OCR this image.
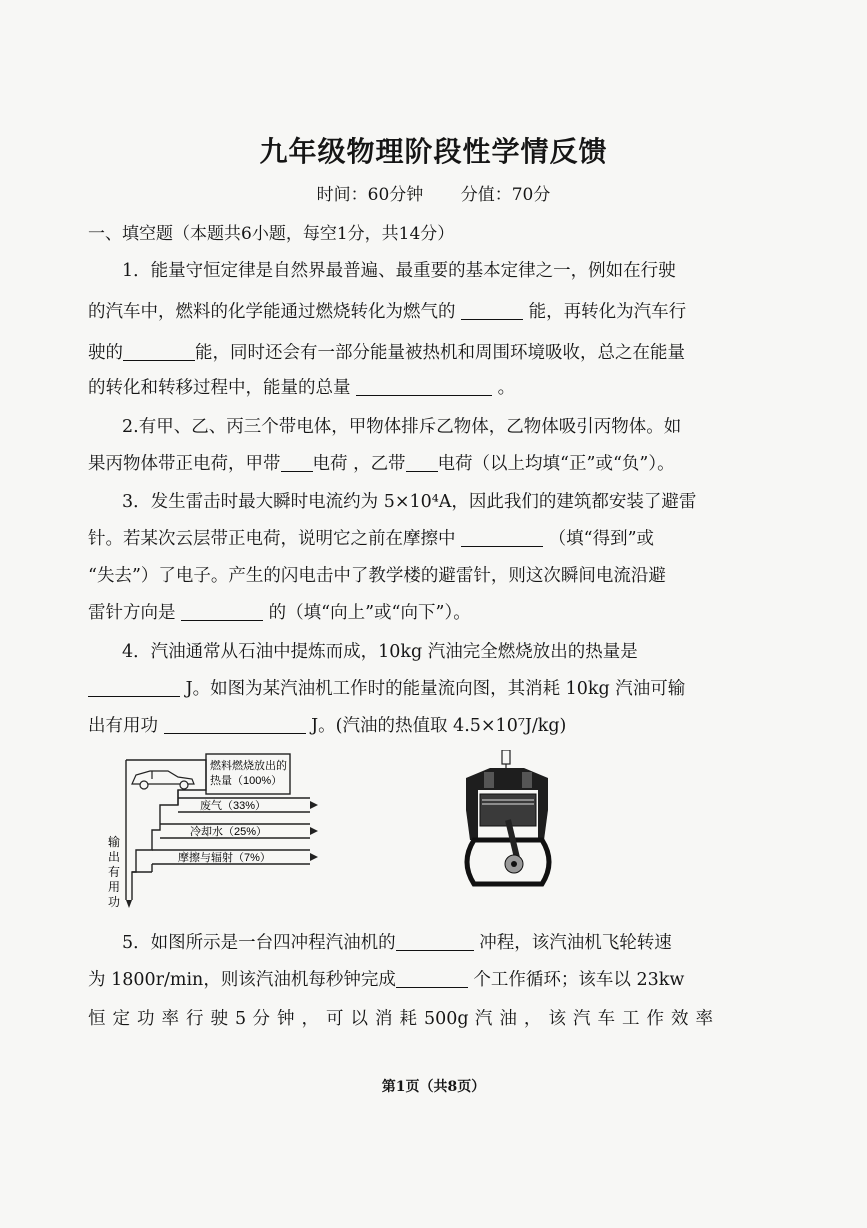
九年级物理阶段性学情反馈
时间：60分钟 分值：70分
一、填空题（本题共6小题，每空1分，共14分）
1．能量守恒定律是自然界最普遍、最重要的基本定律之一，例如在行驶
的汽车中，燃料的化学能通过燃烧转化为燃气的	能，再转化为汽车行
驶的	能，同时还会有一部分能量被热机和周围环境吸收，总之在能量
的转化和转移过程中，能量的总量	。
2.有甲、乙、丙三个带电体，甲物体排斥乙物体，乙物体吸引丙物体。如
果丙物体带正电荷，甲带 电荷 ，乙带 电荷（以上均填“正”或“负”）。
3．发生雷击时最大瞬时电流约为 5×10⁴A，因此我们的建筑都安装了避雷
针。若某次云层带正电荷，说明它之前在摩擦中	（填“得到”或
“失去”）了电子。产生的闪电击中了教学楼的避雷针，则这次瞬间电流沿避
雷针方向是	的（填“向上”或“向下”）。
4．汽油通常从石油中提炼而成，10kg 汽油完全燃烧放出的热量是
J。如图为某汽油机工作时的能量流向图，其消耗 10kg 汽油可输
出有用功	J。(汽油的热值取 4.5×10⁷J/kg)
燃料燃烧放出的
热量（100%）
废气（33%）
冷却水（25%）
摩擦与辐射（7%）
输
出
有
用
功
5．如图所示是一台四冲程汽油机的	冲程，该汽油机飞轮转速
为 1800r/min，则该汽油机每秒钟完成	个工作循环；该车以 23kw
恒 定 功 率 行 驶 5 分 钟 ， 可 以 消 耗 500g 汽 油 ， 该 汽 车 工 作 效 率
第1页（共8页）
